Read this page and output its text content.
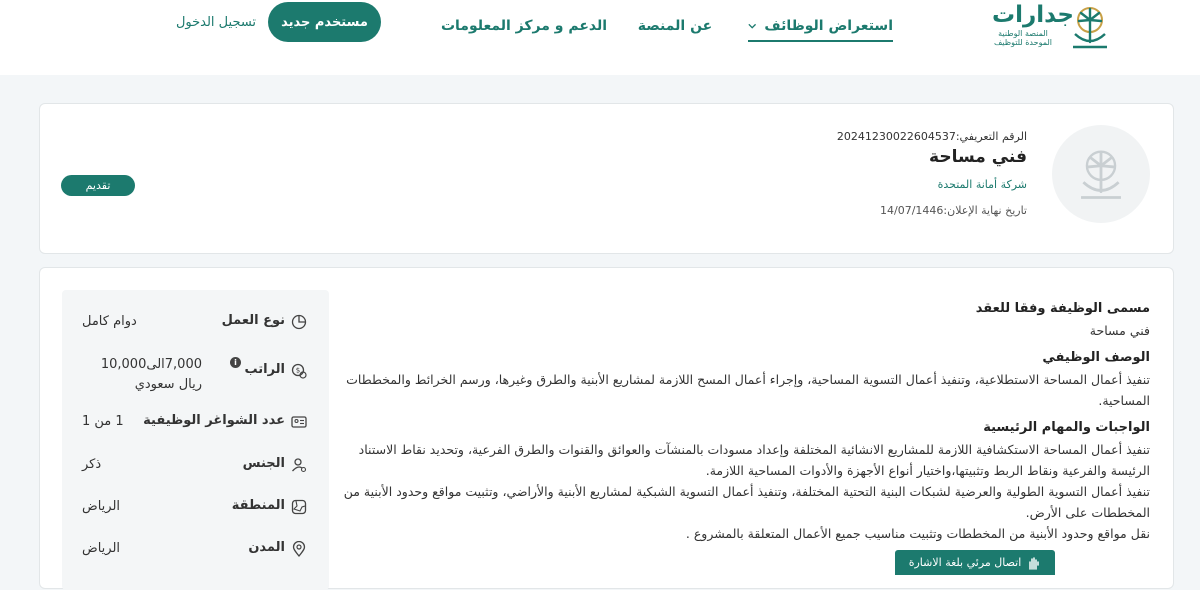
جدارات
المنصة الوطنية الموحدة للتوظيف
استعراض الوظائف
عن المنصة
الدعم و مركز المعلومات
مستخدم جديد
تسجيل الدخول
الرقم التعريفي:20241230022604537
فني مساحة
شركة أمانة المتحدة
تاريخ نهاية الإعلان:14/07/1446
تقديم
مسمى الوظيفة وفقا للعقد

فني مساحة

الوصف الوظيفي

تنفيذ أعمال المساحة الاستطلاعية، وتنفيذ أعمال التسوية المساحية، وإجراء أعمال المسح اللازمة لمشاريع الأبنية والطرق وغيرها، ورسم الخرائط والمخططات المساحية.

الواجبات والمهام الرئيسية

تنفيذ أعمال المساحة الاستكشافية اللازمة للمشاريع الانشائية المختلفة وإعداد مسودات بالمنشآت والعوائق والقنوات والطرق الفرعية، وتحديد نقاط الاستناد الرئيسة والفرعية ونقاط الربط وتثبيتها،واختيار أنواع الأجهزة والأدوات المساحية اللازمة.

تنفيذ أعمال التسوية الطولية والعرضية لشبكات البنية التحتية المختلفة، وتنفيذ أعمال التسوية الشبكية لمشاريع الأبنية والأراضي، وتثبيت مواقع وحدود الأبنية من المخططات على الأرض.

نقل مواقع وحدود الأبنية من المخططات وتثبيت مناسيب جميع الأعمال المتعلقة بالمشروع .

نوع العمل
دوام كامل
$
الراتب
i
7,000الى10,000 ريال سعودي
عدد الشواغر الوظيفية
1 من 1
الجنس
ذكر
المنطقة
الرياض
المدن
الرياض
اتصال مرئي بلغة الاشارة
